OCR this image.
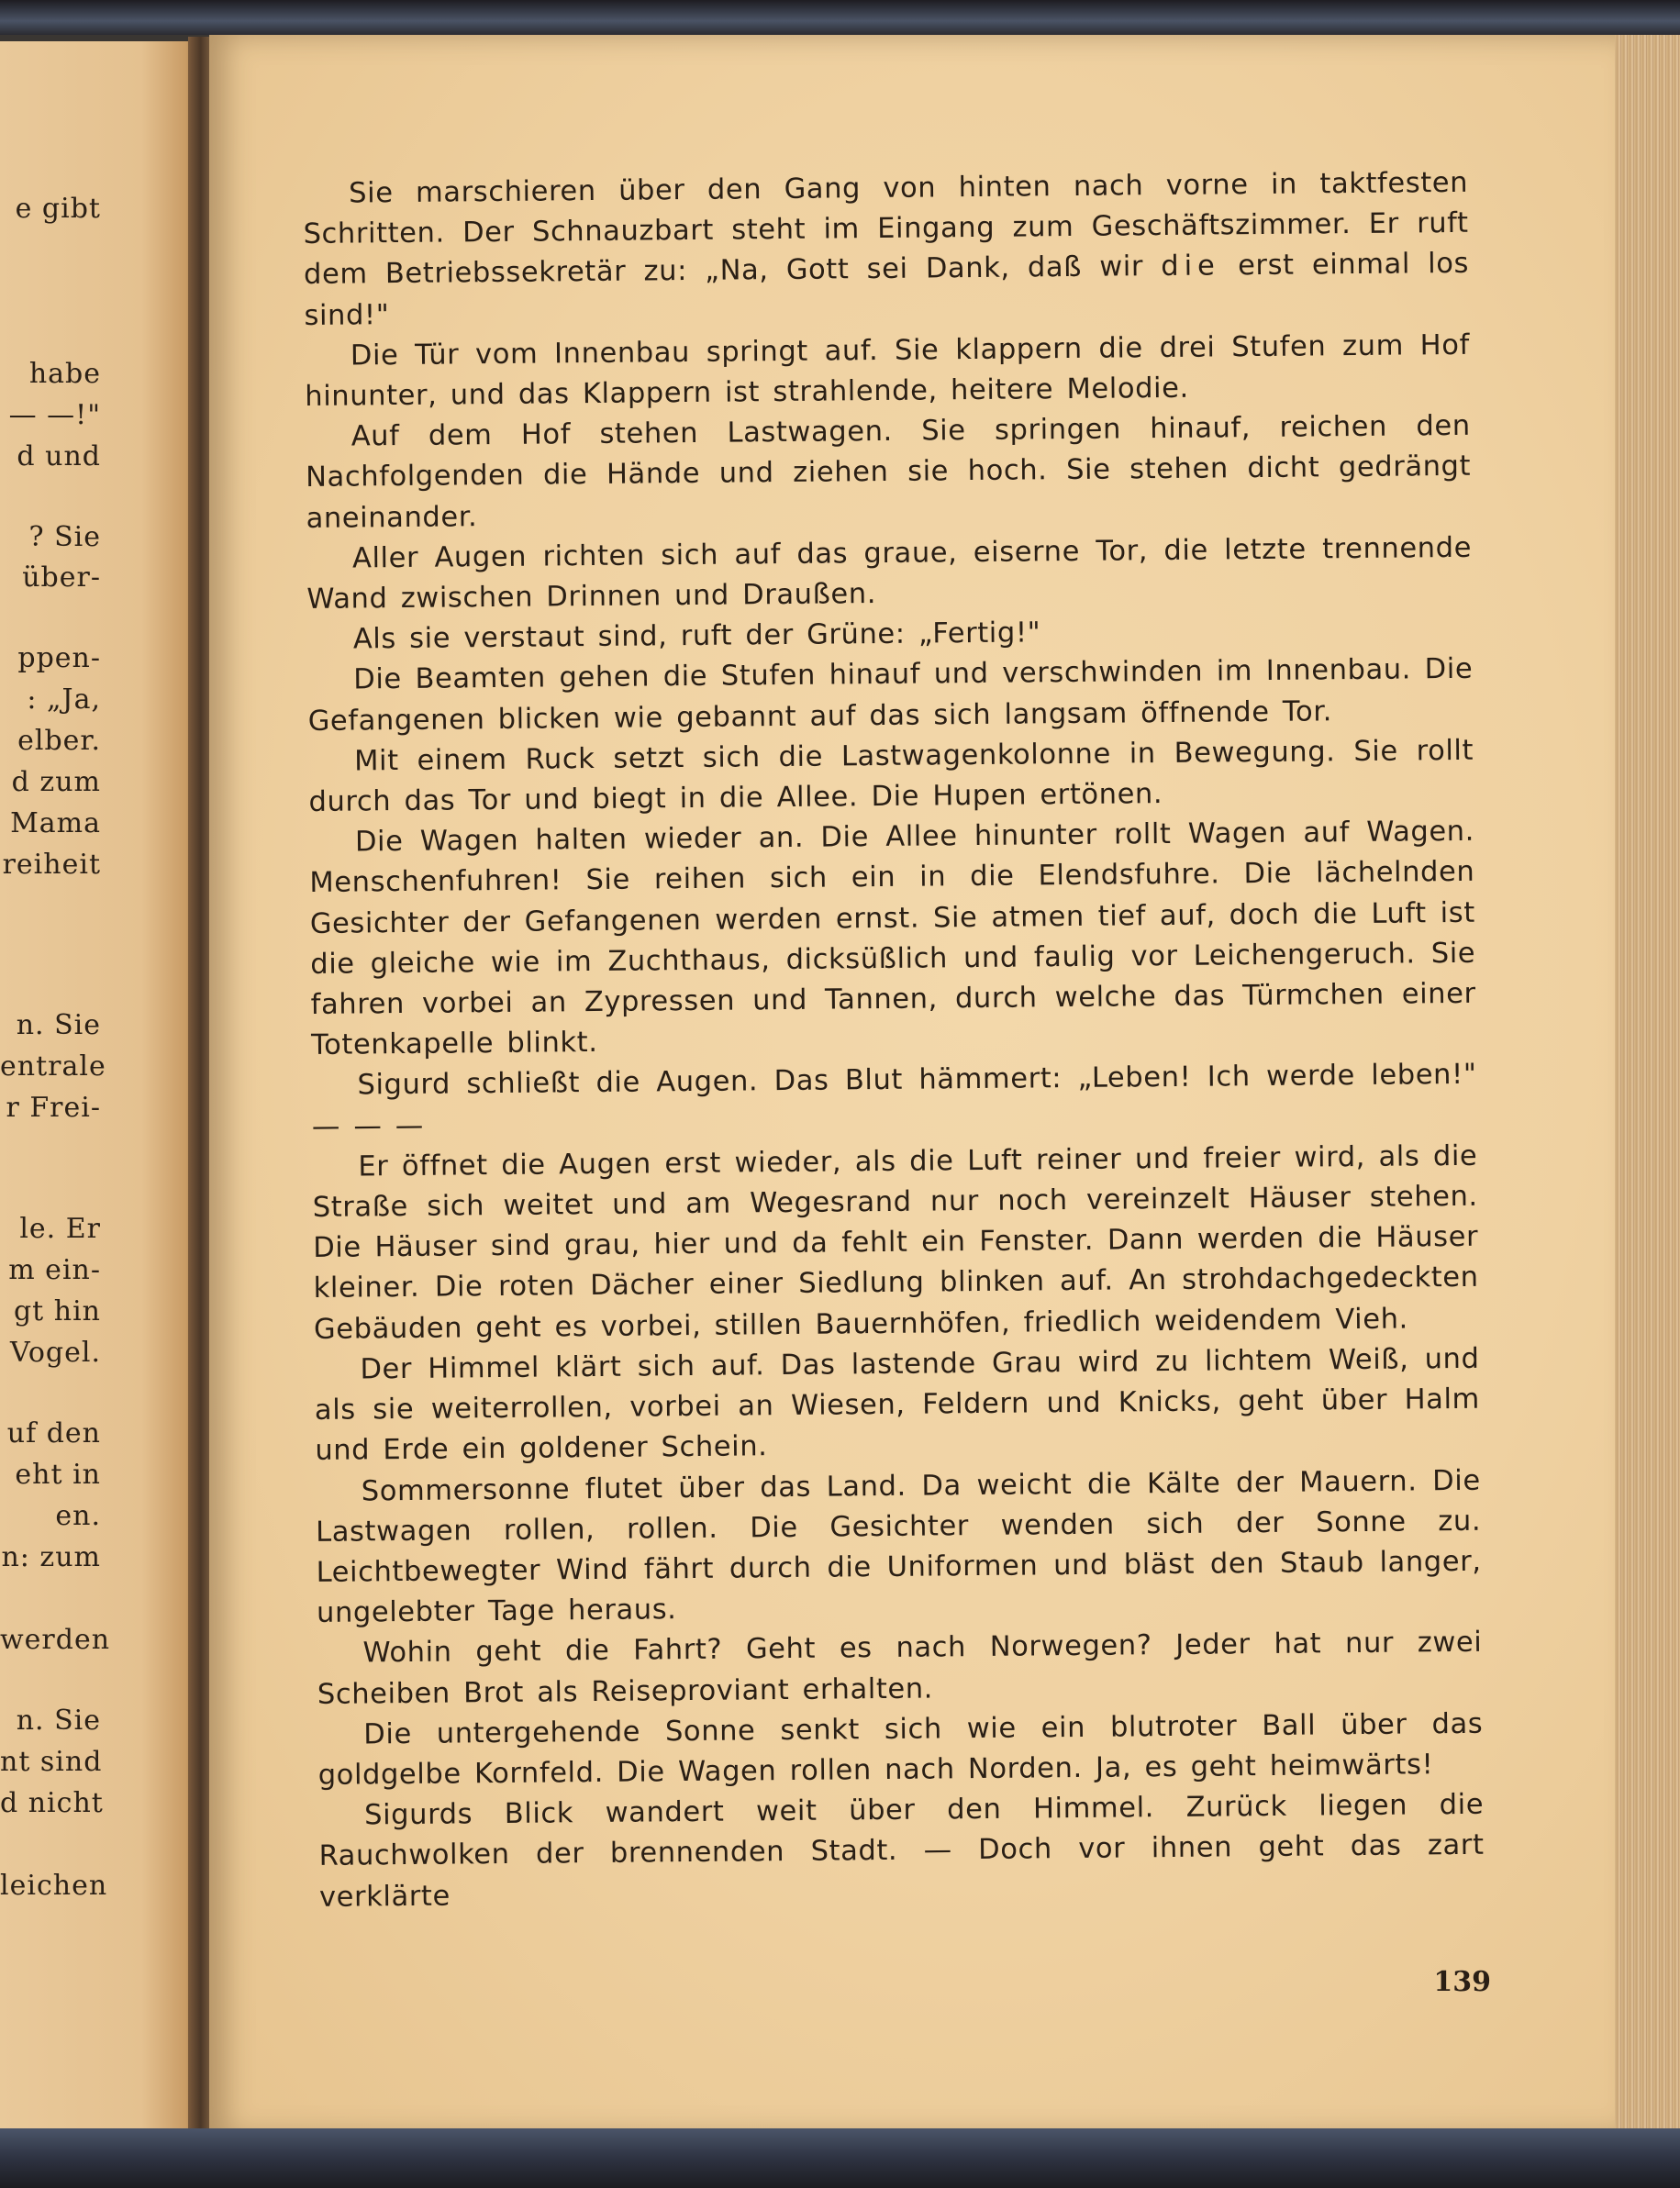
e gibt
habe
— —!"
d und
? Sie
über-
ppen-
: „Ja,
elber.
d zum
Mama
reiheit
n. Sie
entrale
r Frei-
le. Er
m ein-
gt hin
Vogel.
uf den
eht in
en.
n: zum
werden
n. Sie
nt sind
d nicht
leichen

Sie marschieren über den Gang von hinten nach vorne in taktfesten Schritten. Der Schnauzbart steht im Eingang zum Geschäftszimmer. Er ruft dem Betriebssekretär zu: „Na, Gott sei Dank, daß wir die erst einmal los sind!"

Die Tür vom Innenbau springt auf. Sie klappern die drei Stufen zum Hof hinunter, und das Klappern ist strahlende, heitere Melodie.

Auf dem Hof stehen Lastwagen. Sie springen hinauf, reichen den Nachfolgenden die Hände und ziehen sie hoch. Sie stehen dicht gedrängt aneinander.

Aller Augen richten sich auf das graue, eiserne Tor, die letzte trennende Wand zwischen Drinnen und Draußen.

Als sie verstaut sind, ruft der Grüne: „Fertig!"

Die Beamten gehen die Stufen hinauf und verschwinden im Innenbau. Die Gefangenen blicken wie gebannt auf das sich langsam öffnende Tor.

Mit einem Ruck setzt sich die Lastwagenkolonne in Bewegung. Sie rollt durch das Tor und biegt in die Allee. Die Hupen ertönen.

Die Wagen halten wieder an. Die Allee hinunter rollt Wagen auf Wagen. Menschenfuhren! Sie reihen sich ein in die Elendsfuhre. Die lächelnden Gesichter der Gefangenen werden ernst. Sie atmen tief auf, doch die Luft ist die gleiche wie im Zuchthaus, dicksüßlich und faulig vor Leichengeruch. Sie fahren vorbei an Zypressen und Tannen, durch welche das Türmchen einer Totenkapelle blinkt.

Sigurd schließt die Augen. Das Blut hämmert: „Leben! Ich werde leben!" — — —

Er öffnet die Augen erst wieder, als die Luft reiner und freier wird, als die Straße sich weitet und am Wegesrand nur noch vereinzelt Häuser stehen. Die Häuser sind grau, hier und da fehlt ein Fenster. Dann werden die Häuser kleiner. Die roten Dächer einer Siedlung blinken auf. An strohdachgedeckten Gebäuden geht es vorbei, stillen Bauernhöfen, friedlich weidendem Vieh.

Der Himmel klärt sich auf. Das lastende Grau wird zu lichtem Weiß, und als sie weiterrollen, vorbei an Wiesen, Feldern und Knicks, geht über Halm und Erde ein goldener Schein.

Sommersonne flutet über das Land. Da weicht die Kälte der Mauern. Die Lastwagen rollen, rollen. Die Gesichter wenden sich der Sonne zu. Leichtbewegter Wind fährt durch die Uniformen und bläst den Staub langer, ungelebter Tage heraus.

Wohin geht die Fahrt? Geht es nach Norwegen? Jeder hat nur zwei Scheiben Brot als Reiseproviant erhalten.

Die untergehende Sonne senkt sich wie ein blutroter Ball über das goldgelbe Kornfeld. Die Wagen rollen nach Norden. Ja, es geht heimwärts!

Sigurds Blick wandert weit über den Himmel. Zurück liegen die Rauchwolken der brennenden Stadt. — Doch vor ihnen geht das zart verklärte

139
